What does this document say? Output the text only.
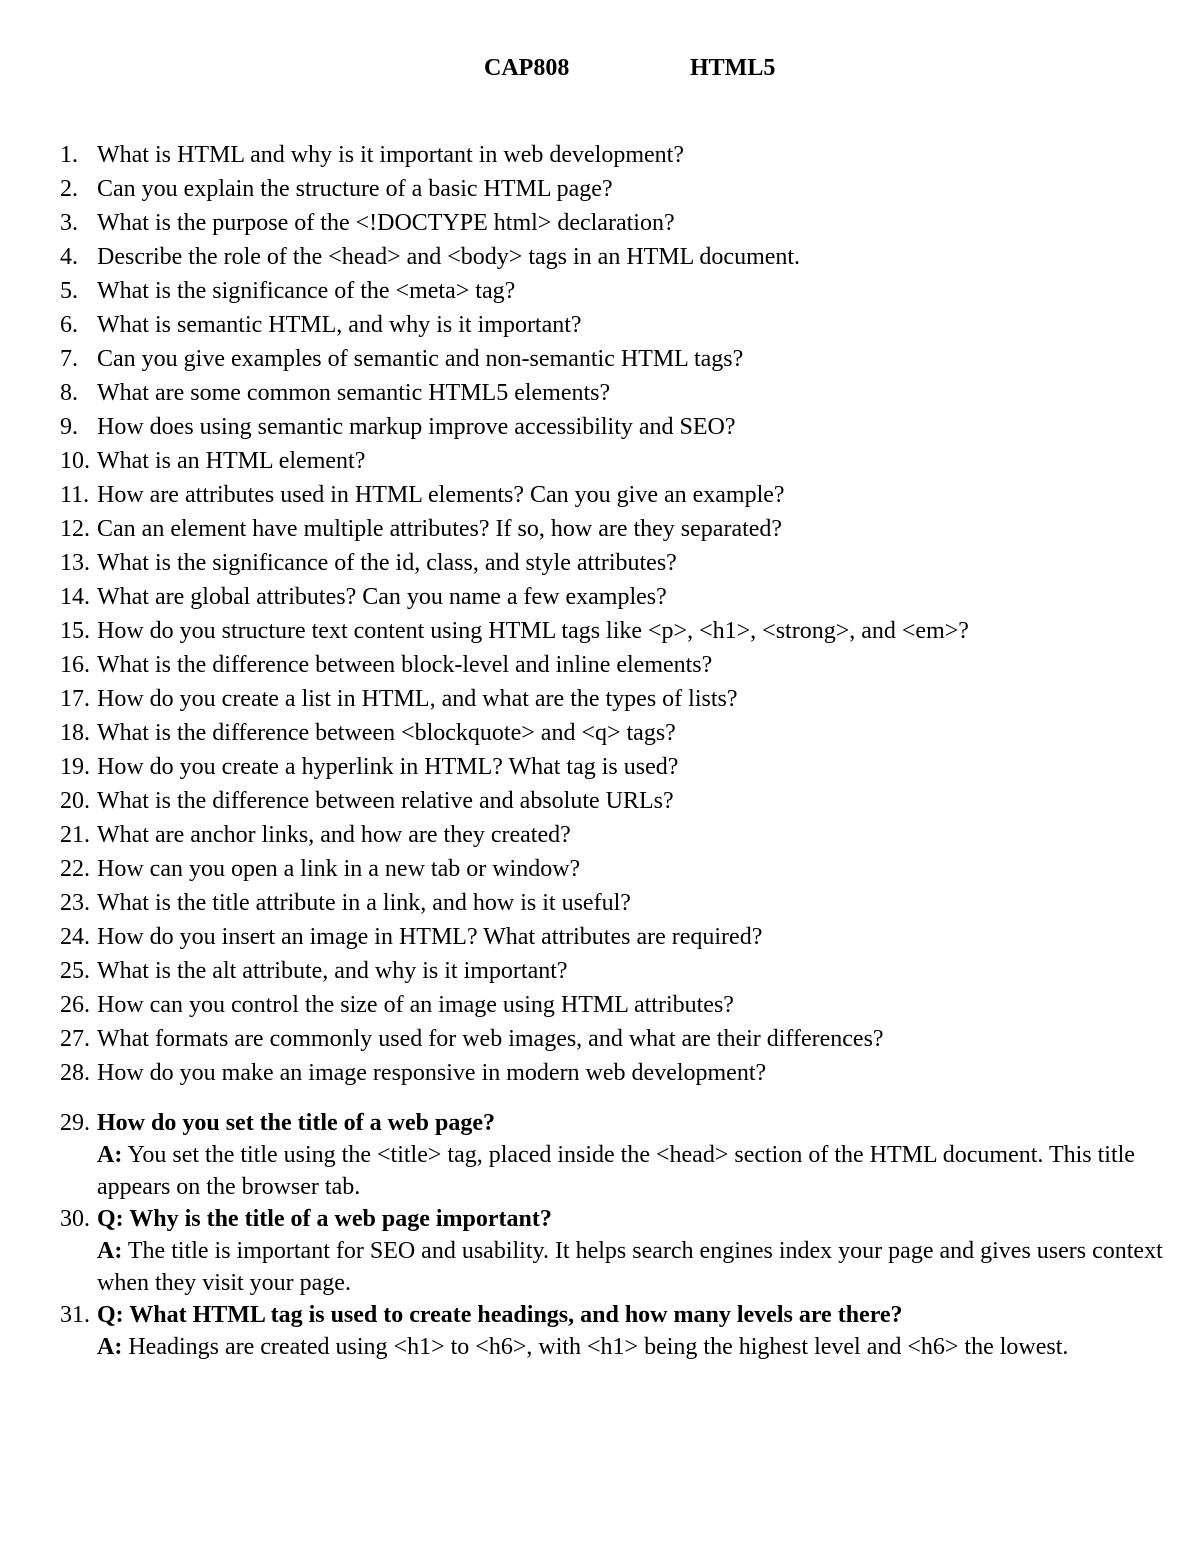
CAP808	HTML5
1. What is HTML and why is it important in web development?
2. Can you explain the structure of a basic HTML page?
3. What is the purpose of the <!DOCTYPE html> declaration?
4. Describe the role of the <head> and <body> tags in an HTML document.
5. What is the significance of the <meta> tag?
6. What is semantic HTML, and why is it important?
7. Can you give examples of semantic and non-semantic HTML tags?
8. What are some common semantic HTML5 elements?
9. How does using semantic markup improve accessibility and SEO?
10. What is an HTML element?
11. How are attributes used in HTML elements? Can you give an example?
12. Can an element have multiple attributes? If so, how are they separated?
13. What is the significance of the id, class, and style attributes?
14. What are global attributes? Can you name a few examples?
15. How do you structure text content using HTML tags like <p>, <h1>, <strong>, and <em>?
16. What is the difference between block-level and inline elements?
17. How do you create a list in HTML, and what are the types of lists?
18. What is the difference between <blockquote> and <q> tags?
19. How do you create a hyperlink in HTML? What tag is used?
20. What is the difference between relative and absolute URLs?
21. What are anchor links, and how are they created?
22. How can you open a link in a new tab or window?
23. What is the title attribute in a link, and how is it useful?
24. How do you insert an image in HTML? What attributes are required?
25. What is the alt attribute, and why is it important?
26. How can you control the size of an image using HTML attributes?
27. What formats are commonly used for web images, and what are their differences?
28. How do you make an image responsive in modern web development?
29. How do you set the title of a web page?
A: You set the title using the <title> tag, placed inside the <head> section of the HTML document. This title appears on the browser tab.
30. Q: Why is the title of a web page important?
A: The title is important for SEO and usability. It helps search engines index your page and gives users context when they visit your page.
31. Q: What HTML tag is used to create headings, and how many levels are there?
A: Headings are created using <h1> to <h6>, with <h1> being the highest level and <h6> the lowest.
